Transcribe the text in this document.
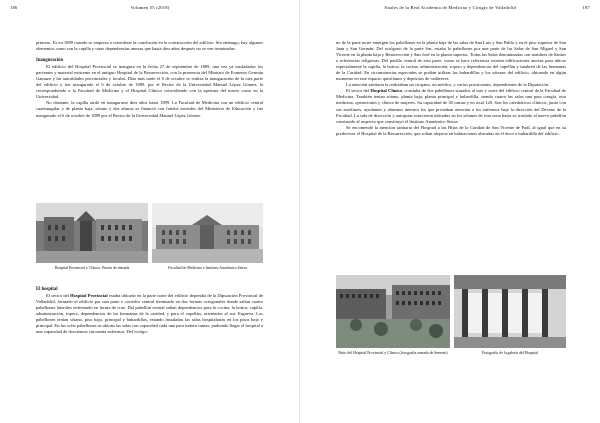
186	Volumen 55 (2018)

primero. Es en 1889 cuando se empieza a considerar la conclusión en la construcción del edificio. Sin embargo, hay algunos elementos como son la capilla y otras dependencias anexas que hasta diez años después no se ven terminadas.

Inauguración

El edificio del Hospital Provincial se inaugura en la fecha 27 de septiembre de 1889, una vez ya trasladados los pacientes y material existente en el antiguo Hospital de la Resurrección, con la presencia del Ministro de Fomento Germán Gamazo y las autoridades provinciales y locales. Días más tarde el 6 de octubre se realiza la inauguración de la otra parte del edificio y fue inaugurado el 6 de octubre de 1889, por el Rector de la Universidad Manuel López Gómez, la correspondiendo a la Facultad de Medicina y el Hospital Clínico coincidiendo con la apertura del nuevo curso en la Universidad.

No obstante, la capilla tardó en inaugurarse diez años hasta 1899. La Facultad de Medicina con un edificio central cuadrangular y de planta baja, sótano y dos alturas se financió con fondos estatales del Ministerio de Educación y fue inaugurado el 6 de octubre de 1889 por el Rector de la Universidad Manuel López Gómez.

Hospital Provincial y Clínico. Puerta de entrada	Facultad de Medicina e Instituto Anatómico Sierra
El hospital

El sector del Hospital Provincial estaba ubicado en la parte norte del edificio dependía de la Diputación Provincial de Valladolid, formado el edificio por una parte o corredor central terminado en dos formas octogonales donde salían cuatro pabellones laterales enfrentado en forma de cruz. Del pabellón central salían dependencias para la cocina, la botica, capilla, administración, ropero, dependencias de las hermanas de la caridad, y para el capellán, orientados al sur. Esgueva. Los pabellones tenían sótano, piso bajo, principal y buhardillas, estando instaladas las salas hospitalarias en los pisos bajo y principal. En los ocho pabellones se ubican las salas con capacidad cada una para treinta camas, pudiendo llegar el hospital a una capacidad de doscientos cincuenta enfermos. Del octógo-

Anales de la Real Academia de Medicina y Cirugía de Valladolid	187

no de la parte norte emergen los pabellones en la planta baja de las salas de San Luis y San Pablo y en el piso superior de San Juan y San Germán. Del octógono de la parte Sur, estaba lo pabellones por una parte de las Salas de San Miguel y San Vicente en la planta baja y Resurrección y San José en la planta superior. Todas las Salas denominadas con nombres de Santos o referencias religiosas. Del pasillo central de esta parte, como se hace referencia existen edificaciones anexas para ubicar especialmente la capilla, la botica, la cocina, administración, ropero y dependencias del capellán y también de las hermanas de la Caridad. En circunstancias especiales se podían utilizar las buhardillas y los sótanos del edificio, ubicando en algún momento en este espacio quirófanos y depósitos de cadáveres.

La atención sanitaria la realizaban un cirujano, un médico, y varios practicantes, dependientes de la Diputación.

El sector del Hospital Clínico, constaba de dos pabellones situados al este y oeste del edificio central de la Facultad de Medicina. También tenían sótano, planta baja, planta principal y buhardilla, siendo cuatro las salas una para cirugía, otra medicina, operaciones y clínica de mujeres. Su capacidad de 30 camas y en total 120. Son los catedráticos clínicos, junto con sus auxiliares, ayudantes y alumnos internos los que prestaban atención a los enfermos bajo la dirección del Decano de la Facultad. La sala de disección y autopsias estuvieron ubicadas en los sótanos de esta zona hasta su traslado al nuevo pabellón construido al respecto que constituyó el Instituto Anatómico Sierra.

Se encomendó la atención sanitaria del Hospital a las Hijas de la Caridad de San Vicente de Paúl, al igual que en su predecesor el Hospital de la Resurrección, que solían alojarse en habitaciones ubicadas en el ático o buhardilla del edificio.

Patio del Hospital Provincial y Clínico (fotografía tomada de Internet)	Fotografía de la galería del Hospital
